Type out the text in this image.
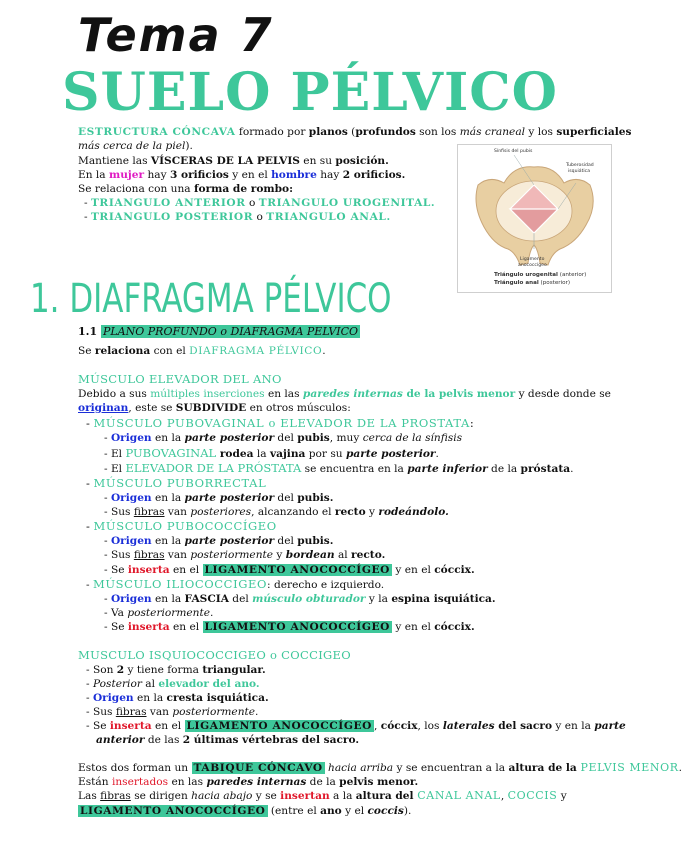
Tema 7
SUELO PÉLVICO
ESTRUCTURA CÓNCAVA formado por planos (profundos son los más craneal y los superficiales
más cerca de la piel).
Mantiene las VÍSCERAS DE LA PELVIS en su posición.
En la mujer hay 3 orificios y en el hombre hay 2 orificios.
Se relaciona con una forma de rombo:
- TRIANGULO ANTERIOR o TRIANGULO UROGENITAL.
- TRIANGULO POSTERIOR o TRIANGULO ANAL.
Sínfisis del pubis
Tuberosidad
isquiática
Ligamento
anococcígeo
Triángulo urogenital (anterior)
Triángulo anal (posterior)
1. DIAFRAGMA PÉLVICO
1.1 PLANO PROFUNDO o DIAFRAGMA PELVICO
Se relaciona con el DIAFRAGMA PÉLVICO.
MÚSCULO ELEVADOR DEL ANO
Debido a sus múltiples inserciones en las paredes internas de la pelvis menor y desde donde se
originan, este se SUBDIVIDE en otros músculos:
- MÚSCULO PUBOVAGINAL o ELEVADOR DE LA PROSTATA:
- Origen en la parte posterior del pubis, muy cerca de la sínfisis
- El PUBOVAGINAL rodea la vajina por su parte posterior.
- El ELEVADOR DE LA PRÓSTATA se encuentra en la parte inferior de la próstata.
- MÚSCULO PUBORRECTAL
- Origen en la parte posterior del pubis.
- Sus fibras van posteriores, alcanzando el recto y rodeándolo.
- MÚSCULO PUBOCOCCÍGEO
- Origen en la parte posterior del pubis.
- Sus fibras van posteriormente y bordean al recto.
- Se inserta en el LIGAMENTO ANOCOCCÍGEO y en el cóccix.
- MÚSCULO ILIOCOCCIGEO: derecho e izquierdo.
- Origen en la FASCIA del músculo obturador y la espina isquiática.
- Va posteriormente.
- Se inserta en el LIGAMENTO ANOCOCCÍGEO y en el cóccix.
MUSCULO ISQUIOCOCCIGEO o COCCIGEO
- Son 2 y tiene forma triangular.
- Posterior al elevador del ano.
- Origen en la cresta isquiática.
- Sus fibras van posteriormente.
- Se inserta en el LIGAMENTO ANOCOCCÍGEO , cóccix, los laterales del sacro y en la parte
anterior de las 2 últimas vértebras del sacro.
Estos dos forman un TABIQUE CÓNCAVO hacia arriba y se encuentran a la altura de la PELVIS MENOR.
Están insertados en las paredes internas de la pelvis menor.
Las fibras se dirigen hacia abajo y se insertan a la altura del CANAL ANAL, COCCIS y
LIGAMENTO ANOCOCCÍGEO (entre el ano y el coccis).
